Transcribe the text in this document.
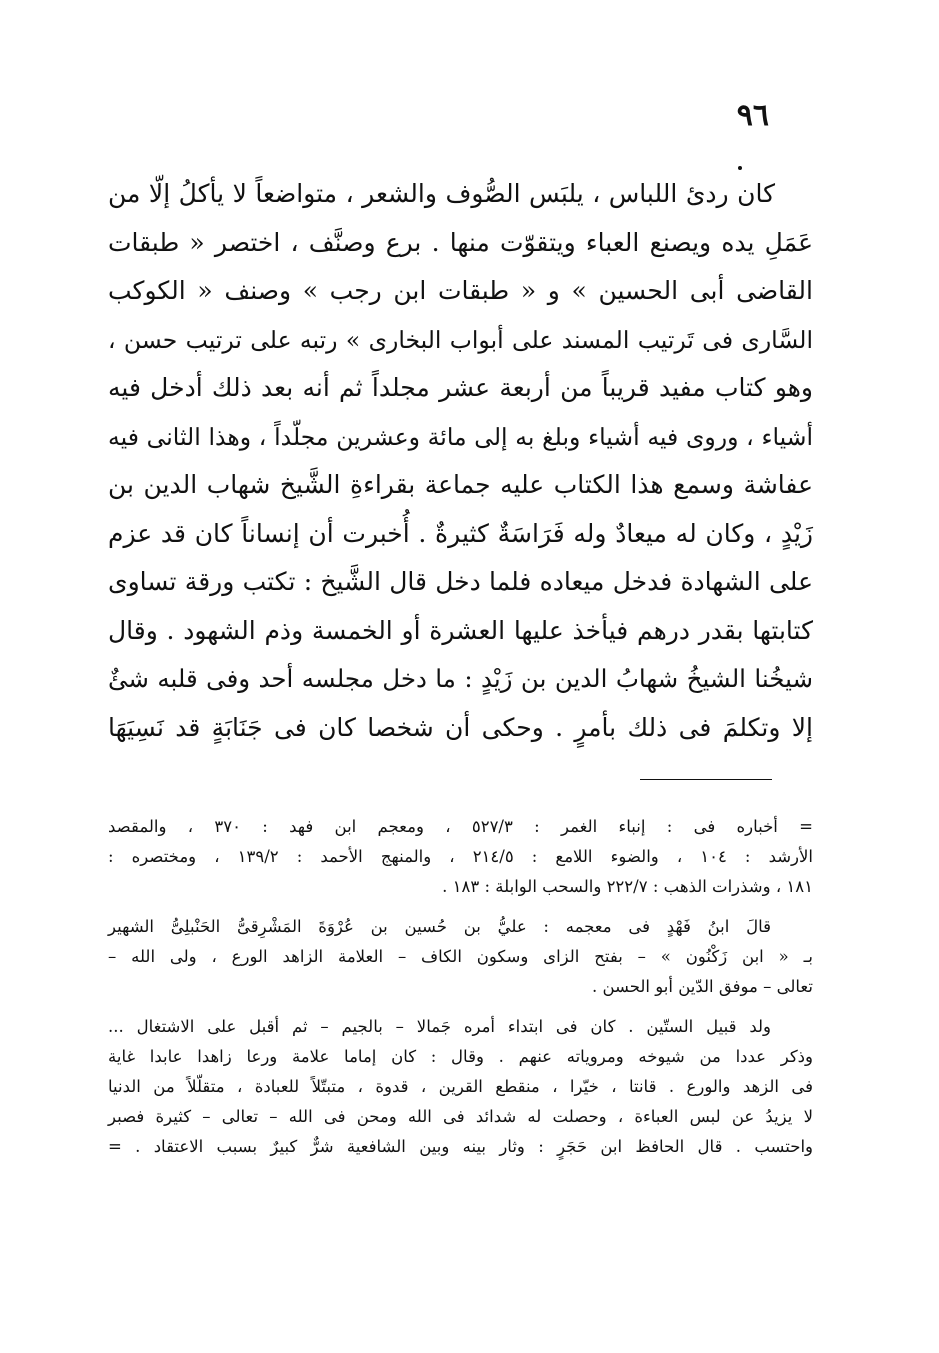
٩٦
كان ردیٔ اللباس ، يلبَس الصُّوف والشعر ، متواضعاً لا يأكلُ إلّا من
عَمَلِ يده ويصنع العباء ويتقوّت منها . برع وصنَّف ، اختصر « طبقات
القاضى أبى الحسين » و « طبقات ابن رجب » وصنف « الكوكب
السَّارى فى تَرتيب المسند على أبواب البخارى » رتبه على ترتيب حسن ،
وهو كتاب مفيد قريباً من أربعة عشر مجلداً ثم أنه بعد ذلك أدخل فيه
أشياء ، وروى فيه أشياء وبلغ به إلى مائة وعشرين مجلّداً ، وهذا الثانى فيه
عفاشة وسمع هذا الكتاب عليه جماعة بقراءةِ الشَّيخ شهاب الدين بن
زَيْدٍ ، وكان له ميعادٌ وله فَرَاسَةٌ كثيرةٌ . أُخبرت أن إنساناً كان قد عزم
على الشهادة فدخل ميعاده فلما دخل قال الشَّيخ : تكتب ورقة تساوى
كتابتها بقدر درهم فيأخذ عليها العشرة أو الخمسة وذم الشهود . وقال
شيخُنا الشيخُ شهابُ الدين بن زَيْدٍ : ما دخل مجلسه أحد وفى قلبه شئٌ
إلا وتكلمَ فى ذلك بأمرٍ . وحكى أن شخصا كان فى جَنَابَةٍ قد نَسِيَهَا
= أخباره فى : إنباء الغمر : ٥٢٧/٣ ، ومعجم ابن فهد : ٣٧٠ ، والمقصد
الأرشد : ١٠٤ ، والضوء اللامع : ٢١٤/٥ ، والمنهج الأحمد : ١٣٩/٢ ، ومختصره :
١٨١ ، وشذرات الذهب : ٢٢٢/٧ والسحب الوابلة : ١٨٣ .
قالَ ابنُ فَهْدٍ فى معجمه : عليُّ بن حُسين بن عُرْوَةَ المَشْرِقىُّ الحَنْبلِىُّ الشهير
بـ « ابن زَكْنُون » – بفتح الزاى وسكون الكاف – العلامة الزاهد الورع ، ولى الله –
تعالى – موفق الدّين أبو الحسن .
ولد قبيل الستّين . كان فى ابتداء أمره جَمالا – بالجيم – ثم أقبل على الاشتغال ...
وذكر عددا من شيوخه ومروياته عنهم . وقال : كان إماما علامة ورعا زاهدا عابدا غاية
فى الزهد والورع . قانتا ، خيّرا ، منقطع القرين ، قدوة ، متبتّلاً للعبادة ، متقلّلاً من الدنيا
لا يزيدُ عن لبس العباءة ، وحصلت له شدائد فى الله ومحن فى الله – تعالى – كثيرة فصبر
واحتسب . قال الحافظ ابن حَجَرٍ : وثار بينه وبين الشافعية شرٌّ كبيرٌ بسبب الاعتقاد . =
